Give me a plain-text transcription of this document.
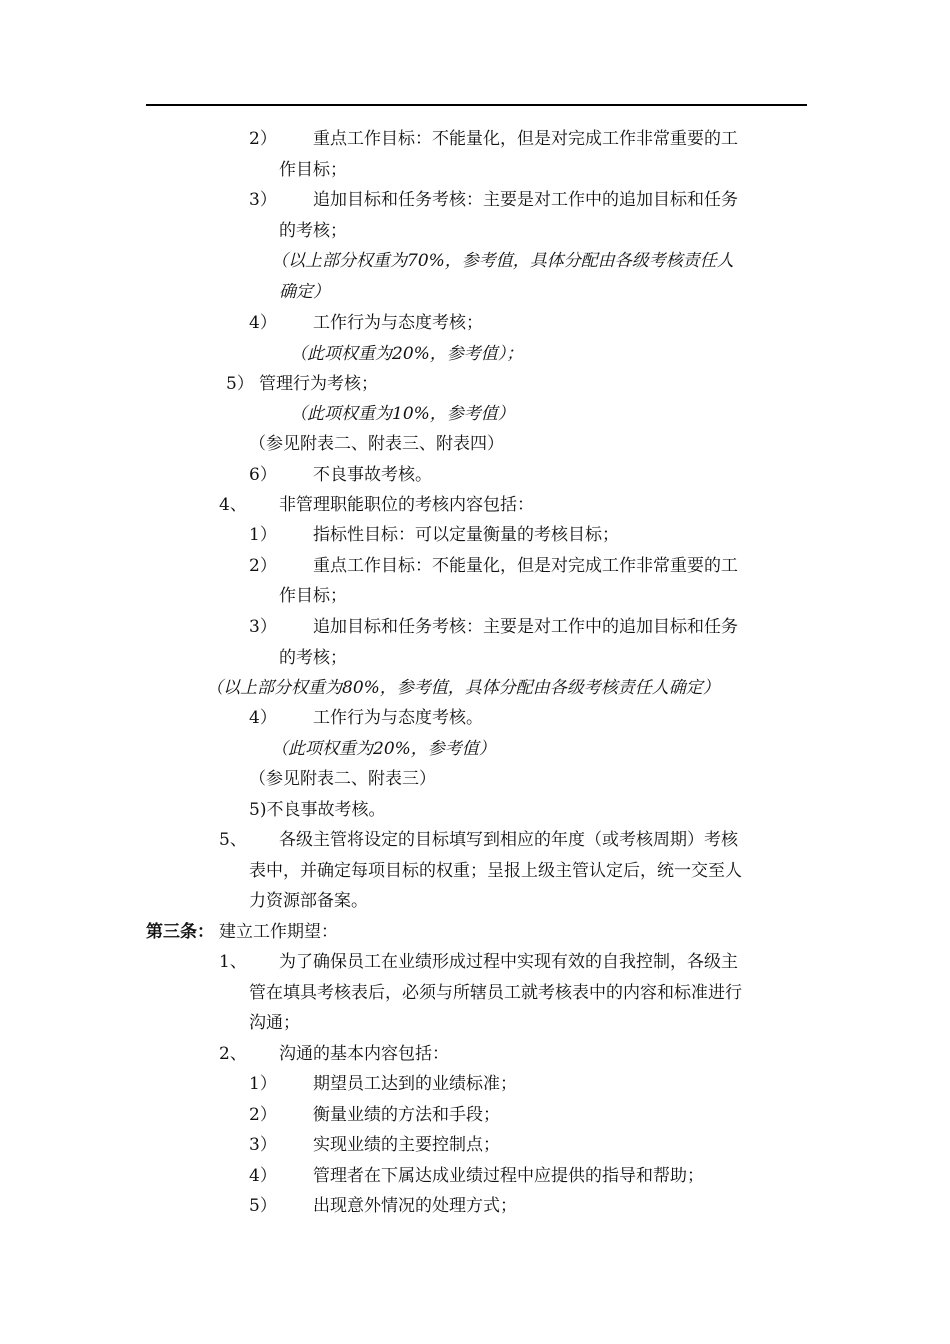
2） 重点工作目标：不能量化，但是对完成工作非常重要的工
作目标；
3） 追加目标和任务考核：主要是对工作中的追加目标和任务
的考核；
（以上部分权重为70%，参考值，具体分配由各级考核责任人
确定）
4） 工作行为与态度考核；
（此项权重为20%，参考值）；
5） 管理行为考核；
（此项权重为10%，参考值）
（参见附表二、附表三、附表四）
6） 不良事故考核。
4、 非管理职能职位的考核内容包括：
1） 指标性目标：可以定量衡量的考核目标；
2） 重点工作目标：不能量化，但是对完成工作非常重要的工
作目标；
3） 追加目标和任务考核：主要是对工作中的追加目标和任务
的考核；
（以上部分权重为80%，参考值，具体分配由各级考核责任人确定）
4） 工作行为与态度考核。
（此项权重为20%，参考值）
（参见附表二、附表三）
5)不良事故考核。
5、 各级主管将设定的目标填写到相应的年度（或考核周期）考核
表中，并确定每项目标的权重；呈报上级主管认定后，统一交至人
力资源部备案。
第三条： 建立工作期望：
1、 为了确保员工在业绩形成过程中实现有效的自我控制，各级主
管在填具考核表后，必须与所辖员工就考核表中的内容和标准进行
沟通；
2、 沟通的基本内容包括：
1） 期望员工达到的业绩标准；
2） 衡量业绩的方法和手段；
3） 实现业绩的主要控制点；
4） 管理者在下属达成业绩过程中应提供的指导和帮助；
5） 出现意外情况的处理方式；
